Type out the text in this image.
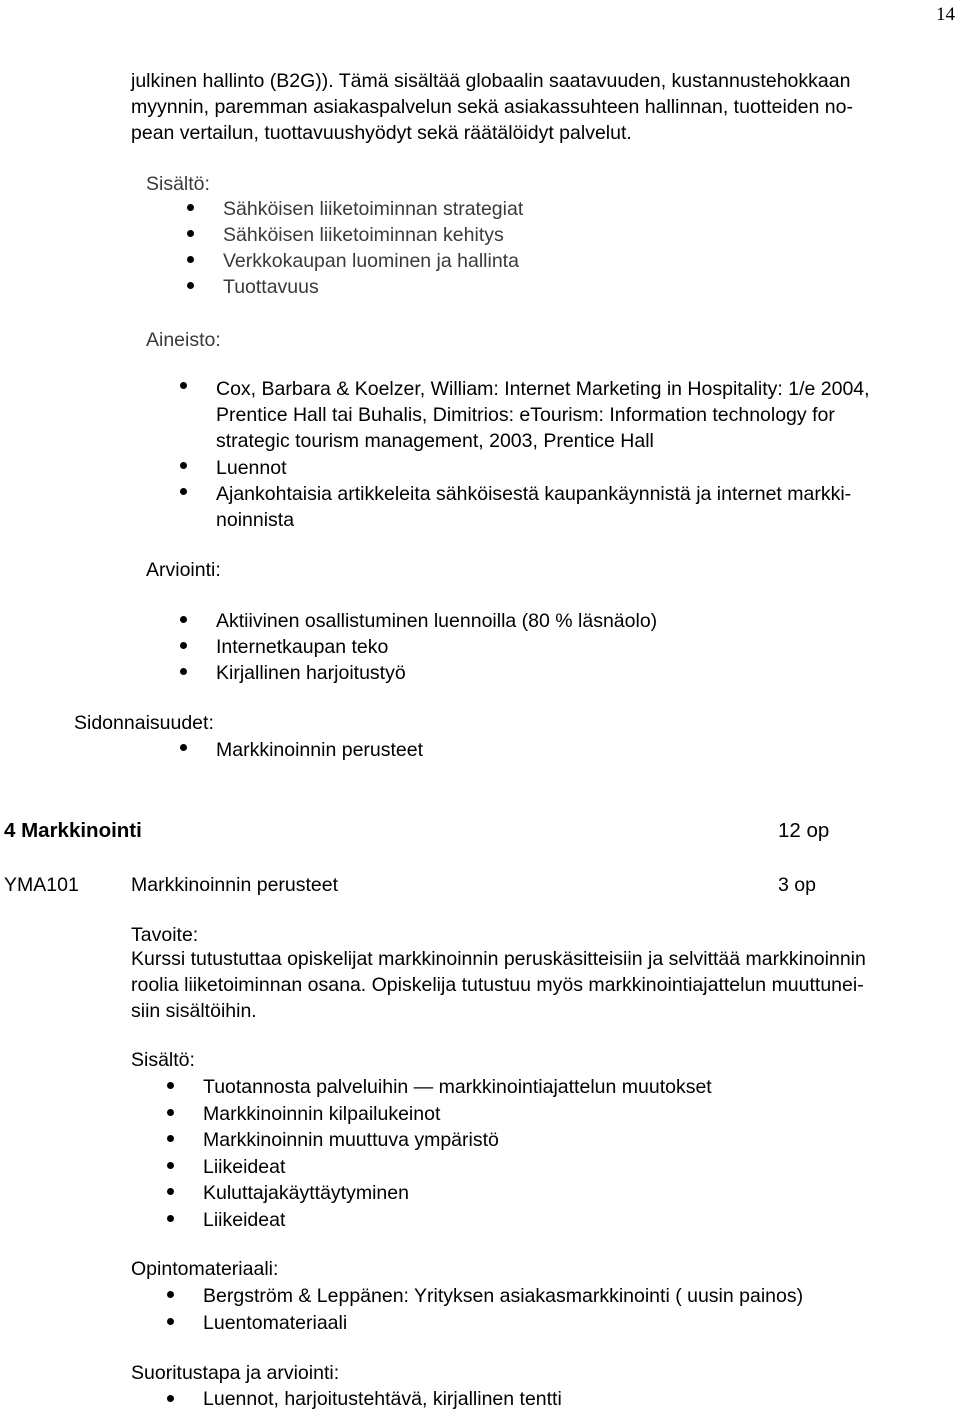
14
julkinen hallinto (B2G)). Tämä sisältää globaalin saatavuuden, kustannustehokkaan
myynnin, paremman asiakaspalvelun sekä asiakassuhteen hallinnan, tuotteiden no-
pean vertailun, tuottavuushyödyt sekä räätälöidyt palvelut.
Sisältö:
Sähköisen liiketoiminnan strategiat
Sähköisen liiketoiminnan kehitys
Verkkokaupan luominen ja hallinta
Tuottavuus
Aineisto:
Cox, Barbara & Koelzer, William: Internet Marketing in Hospitality: 1/e 2004,
Prentice Hall tai Buhalis, Dimitrios: eTourism: Information technology for
strategic tourism management, 2003, Prentice Hall
Luennot
Ajankohtaisia artikkeleita sähköisestä kaupankäynnistä ja internet markki-
noinnista
Arviointi:
Aktiivinen osallistuminen luennoilla (80 % läsnäolo)
Internetkaupan teko
Kirjallinen harjoitustyö
Sidonnaisuudet:
Markkinoinnin perusteet
4 Markkinointi	12 op
YMA101	Markkinoinnin perusteet	3 op
Tavoite:
Kurssi tutustuttaa opiskelijat markkinoinnin peruskäsitteisiin ja selvittää markkinoinnin
roolia liiketoiminnan osana. Opiskelija tutustuu myös markkinointiajattelun muuttunei-
siin sisältöihin.
Sisältö:
Tuotannosta palveluihin — markkinointiajattelun muutokset
Markkinoinnin kilpailukeinot
Markkinoinnin muuttuva ympäristö
Liikeideat
Kuluttajakäyttäytyminen
Liikeideat
Opintomateriaali:
Bergström & Leppänen: Yrityksen asiakasmarkkinointi ( uusin painos)
Luentomateriaali
Suoritustapa ja arviointi:
Luennot, harjoitustehtävä, kirjallinen tentti
